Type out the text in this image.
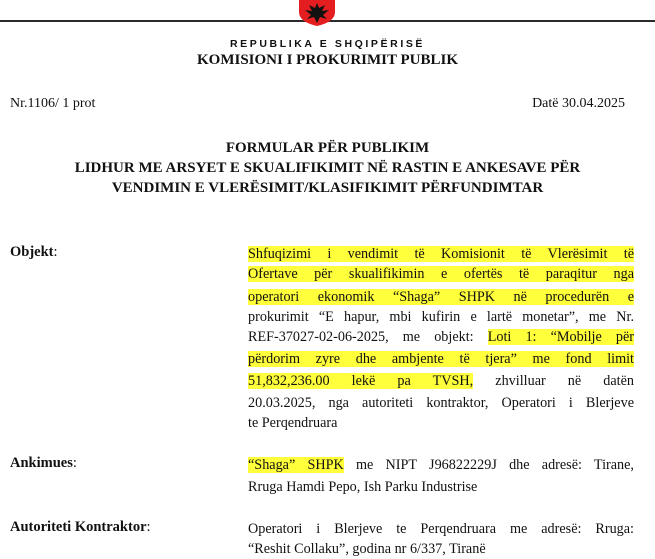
REPUBLIKA E SHQIPËRISË
KOMISIONI I PROKURIMIT PUBLIK
Nr.1106/ 1 prot	Datë 30.04.2025
FORMULAR PËR PUBLIKIM
LIDHUR ME ARSYET E SKUALIFIKIMIT NË RASTIN E ANKESAVE PËR
VENDIMIN E VLERËSIMIT/KLASIFIKIMIT PËRFUNDIMTAR
Objekt:	Shfuqizimi i vendimit të Komisionit të Vlerësimit të
Ofertave për skualifikimin e ofertës të paraqitur nga
operatori ekonomik “Shaga” SHPK në procedurën e
prokurimit “E hapur, mbi kufirin e lartë monetar”, me Nr.
REF-37027-02-06-2025, me objekt: Loti 1: “Mobilje për
përdorim zyre dhe ambjente të tjera” me fond limit
51,832,236.00 lekë pa TVSH, zhvilluar në datën
20.03.2025, nga autoriteti kontraktor, Operatori i Blerjeve
te Perqendruara
Ankimues:	“Shaga” SHPK me NIPT J96822229J dhe adresë: Tirane,
Rruga Hamdi Pepo, Ish Parku Industrise
Autoriteti Kontraktor:	Operatori i Blerjeve te Perqendruara me adresë: Rruga:
“Reshit Collaku”, godina nr 6/337, Tiranë
